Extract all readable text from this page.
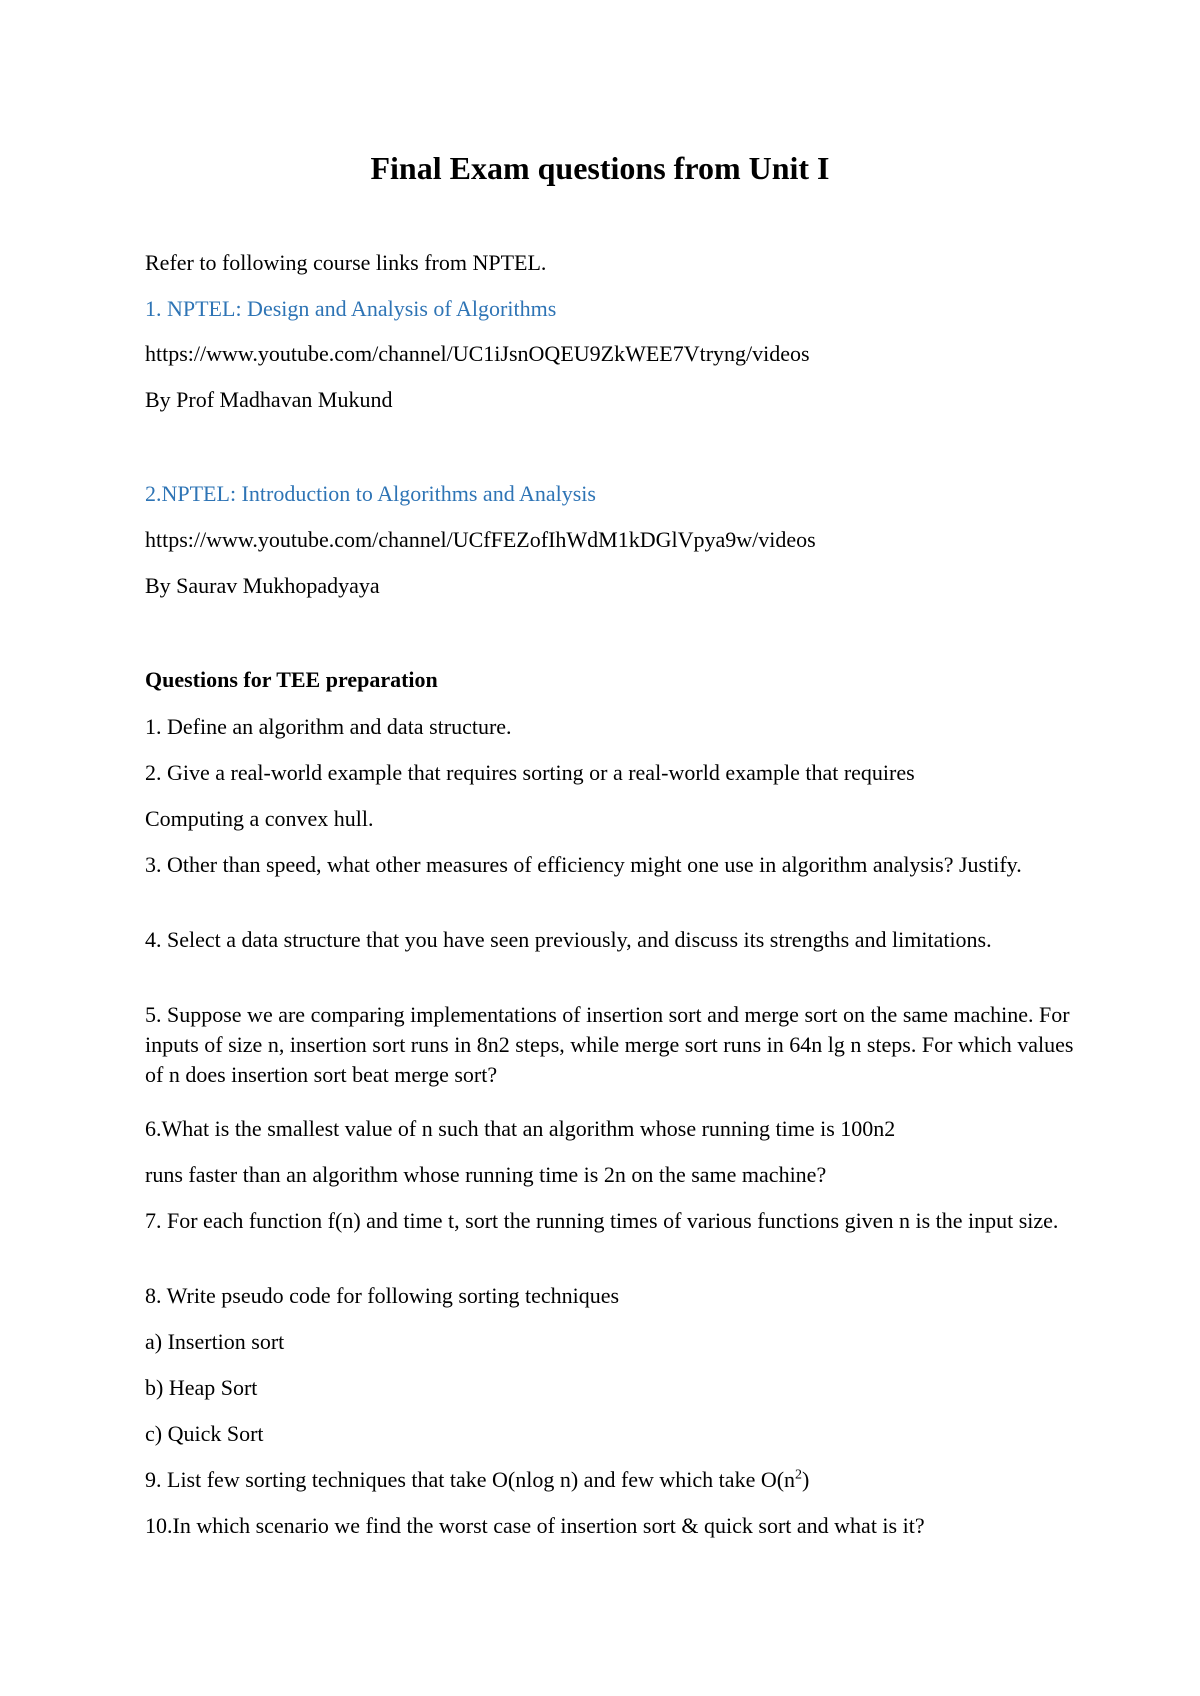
Final Exam questions from Unit I

Refer to following course links from NPTEL.

1. NPTEL: Design and Analysis of Algorithms

https://www.youtube.com/channel/UC1iJsnOQEU9ZkWEE7Vtryng/videos

By Prof Madhavan Mukund

2.NPTEL: Introduction to Algorithms and Analysis

https://www.youtube.com/channel/UCfFEZofIhWdM1kDGlVpya9w/videos

By Saurav Mukhopadyaya

Questions for TEE preparation

1. Define an algorithm and data structure.

2. Give a real-world example that requires sorting or a real-world example that requires

Computing a convex hull.

3. Other than speed, what other measures of efficiency might one use in algorithm analysis? Justify.

4. Select a data structure that you have seen previously, and discuss its strengths and limitations.

5. Suppose we are comparing implementations of insertion sort and merge sort on the same machine. For inputs of size n, insertion sort runs in 8n2 steps, while merge sort runs in 64n lg n steps. For which values of n does insertion sort beat merge sort?

6.What is the smallest value of n such that an algorithm whose running time is 100n2

runs faster than an algorithm whose running time is 2n on the same machine?

7. For each function f(n) and time t, sort the running times of various functions given n is the input size.

8. Write pseudo code for following sorting techniques

a) Insertion sort

b) Heap Sort

c) Quick Sort

9. List few sorting techniques that take O(nlog n) and few which take $O(n^2)$

10.In which scenario we find the worst case of insertion sort & quick sort and what is it?
